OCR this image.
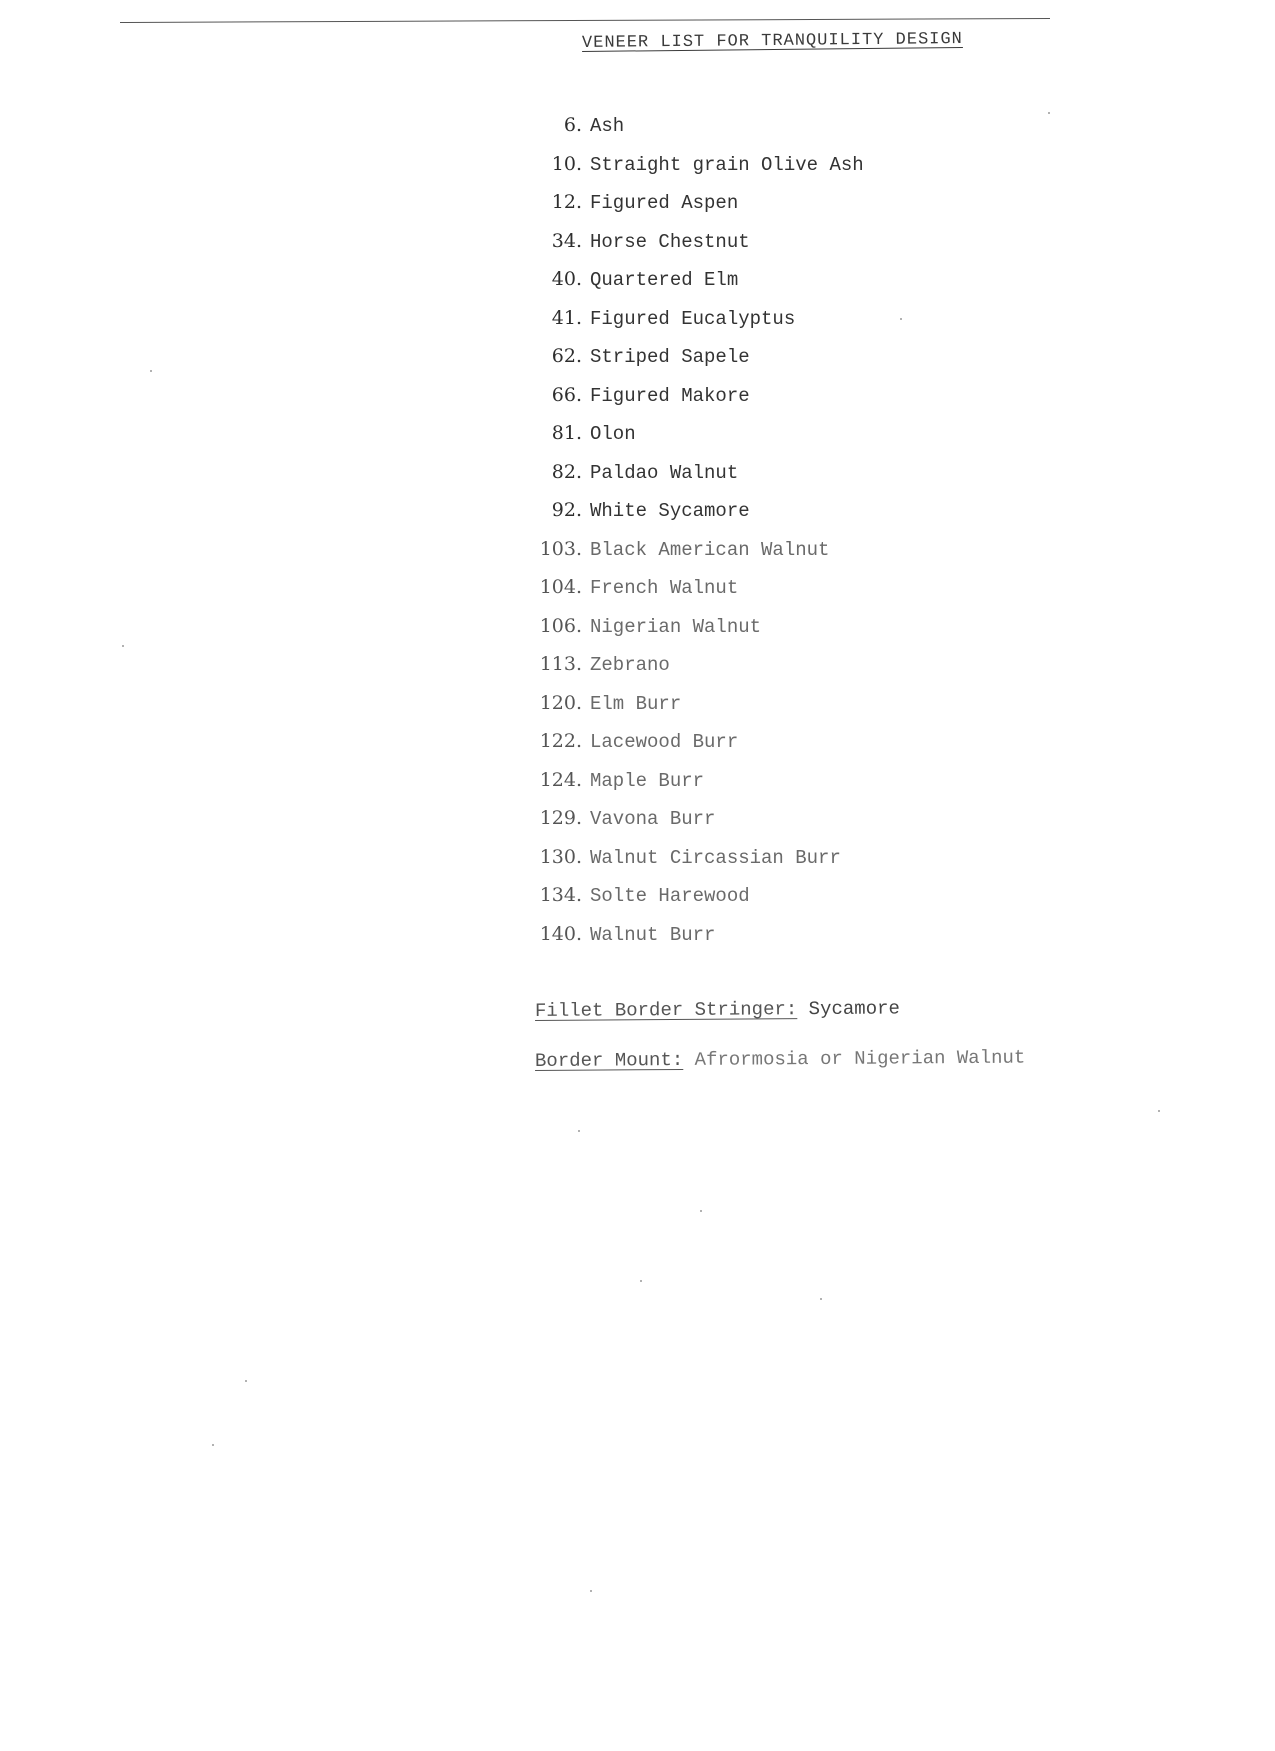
VENEER LIST FOR TRANQUILITY DESIGN
6. Ash
10. Straight grain Olive Ash
12. Figured Aspen
34. Horse Chestnut
40. Quartered Elm
41. Figured Eucalyptus
62. Striped Sapele
66. Figured Makore
81. Olon
82. Paldao Walnut
92. White Sycamore
103. Black American Walnut
104. French Walnut
106. Nigerian Walnut
113. Zebrano
120. Elm Burr
122. Lacewood Burr
124. Maple Burr
129. Vavona Burr
130. Walnut Circassian Burr
134. Solte Harewood
140. Walnut Burr
Fillet Border Stringer: Sycamore
Border Mount: Afrormosia or Nigerian Walnut
